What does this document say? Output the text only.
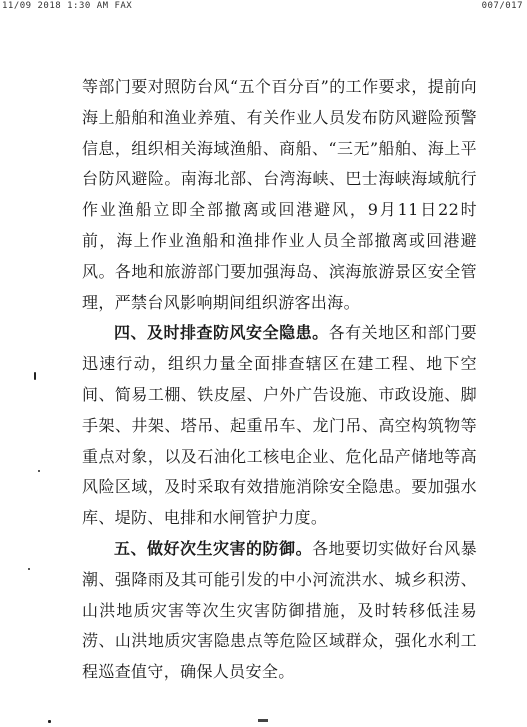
11/09 2018 1:30 AM FAX	007/017

等部门要对照防台风“五个百分百”的工作要求，提前向海上船舶和渔业养殖、有关作业人员发布防风避险预警信息，组织相关海域渔船、商船、“三无”船舶、海上平台防风避险。南海北部、台湾海峡、巴士海峡海域航行作业渔船立即全部撤离或回港避风，9月11日22时前，海上作业渔船和渔排作业人员全部撤离或回港避风。各地和旅游部门要加强海岛、滨海旅游景区安全管理，严禁台风影响期间组织游客出海。

四、及时排查防风安全隐患。各有关地区和部门要迅速行动，组织力量全面排查辖区在建工程、地下空间、简易工棚、铁皮屋、户外广告设施、市政设施、脚手架、井架、塔吊、起重吊车、龙门吊、高空构筑物等重点对象，以及石油化工核电企业、危化品产储地等高风险区域，及时采取有效措施消除安全隐患。要加强水库、堤防、电排和水闸管护力度。

五、做好次生灾害的防御。各地要切实做好台风暴潮、强降雨及其可能引发的中小河流洪水、城乡积涝、山洪地质灾害等次生灾害防御措施，及时转移低洼易涝、山洪地质灾害隐患点等危险区域群众，强化水利工程巡查值守，确保人员安全。
